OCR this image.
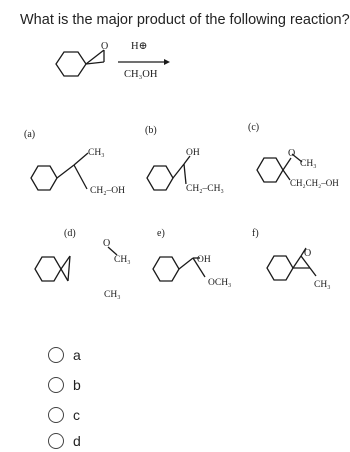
What is the major product of the following reaction?
O H⊕
CH₃OH
(a)
CH₃
CH₂–OH
(b)
OH
CH₂–CH₃
(c)
O
CH₃
CH₂CH₂–OH
(d)
O
CH₃
CH₃
e)
OH
OCH₃
f)
O
CH₃
a
b
c
d
